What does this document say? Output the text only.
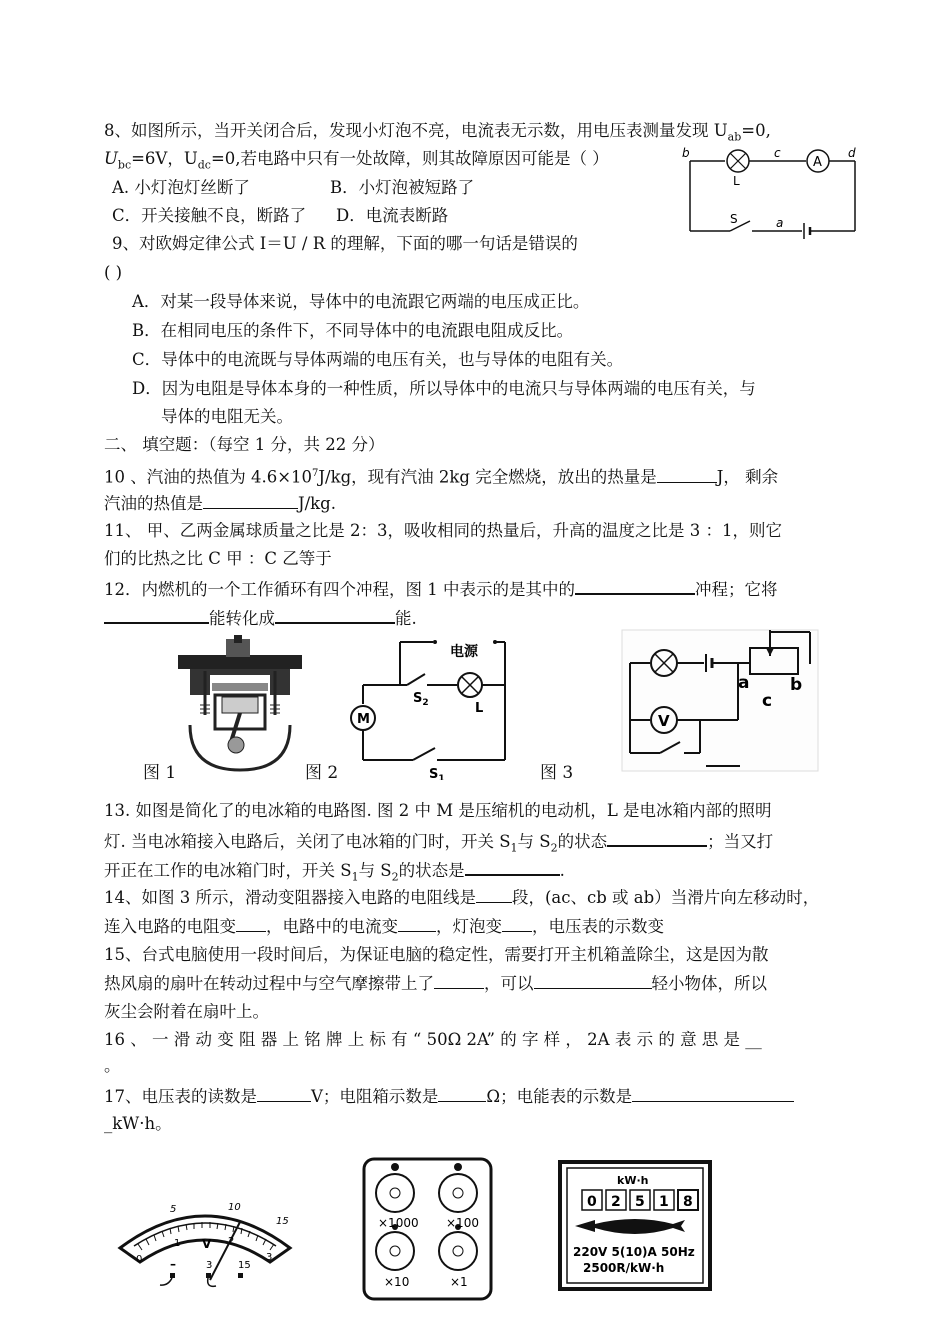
8、如图所示，当开关闭合后，发现小灯泡不亮，电流表无示数，用电压表测量发现 $U_{ab}=0$,
$U_{bc}=6V$，$U_{dc}=0$,若电路中只有一处故障，则其故障原因可能是（ ）
A. 小灯泡灯丝断了	B．小灯泡被短路了
C．开关接触不良，断路了 D．电流表断路
A
b	c	d
L
S	a
9、对欧姆定律公式 I＝U / R 的理解，下面的哪一句话是错误的
( )
A．对某一段导体来说，导体中的电流跟它两端的电压成正比。
B．在相同电压的条件下，不同导体中的电流跟电阻成反比。
C．导体中的电流既与导体两端的电压有关，也与导体的电阻有关。
D．因为电阻是导体本身的一种性质，所以导体中的电流只与导体两端的电压有关，与
导体的电阻无关。
二、 填空题：（每空 1 分，共 22 分）
10 、汽油的热值为 $4.6\times 10^7J/kg$，现有汽油 2kg 完全燃烧，放出的热量是	J， 剩余
汽油的热值是	J/kg.
11、 甲、乙两金属球质量之比是 2：3，吸收相同的热量后，升高的温度之比是 3 ：1，则它
们的比热之比 C 甲 ：C 乙等于
12．内燃机的一个工作循环有四个冲程，图 1 中表示的是其中的	冲程；它将
能转化成	能.
图 1
电源
$S_2$	L
M
$S_1$
图 2
a
c
b
V
图 3
13. 如图是简化了的电冰箱的电路图. 图 2 中 M 是压缩机的电动机，L 是电冰箱内部的照明
灯. 当电冰箱接入电路后，关闭了电冰箱的门时，开关 $S_1$与 $S_2$的状态	；当又打
开正在工作的电冰箱门时，开关 $S_1$与 $S_2$的状态是	.
14、如图 3 所示，滑动变阻器接入电路的电阻线是 段，(ac、cb 或 ab）当滑片向左移动时，
连入电路的电阻变 ，电路中的电流变 ，灯泡变 ，电压表的示数变
15、台式电脑使用一段时间后，为保证电脑的稳定性，需要打开主机箱盖除尘，这是因为散
热风扇的扇叶在转动过程中与空气摩擦带上了	，可以	轻小物体，所以
灰尘会附着在扇叶上。
16 、 一 滑 动 变 阻 器 上 铭 牌 上 标 有 “ 50Ω 2A” 的 字 样 ， 2A 表 示 的 意 思 是 __
。
17、电压表的读数是	V；电阻箱示数是	Ω；电能表的示数是
_kW·h。
5	10
15
0
1	2
3
V
–	3	15
×1000 ×100
×10	×1
kW·h
0 2 5 1 8
220V 5(10)A 50Hz
2500R/kW·h
